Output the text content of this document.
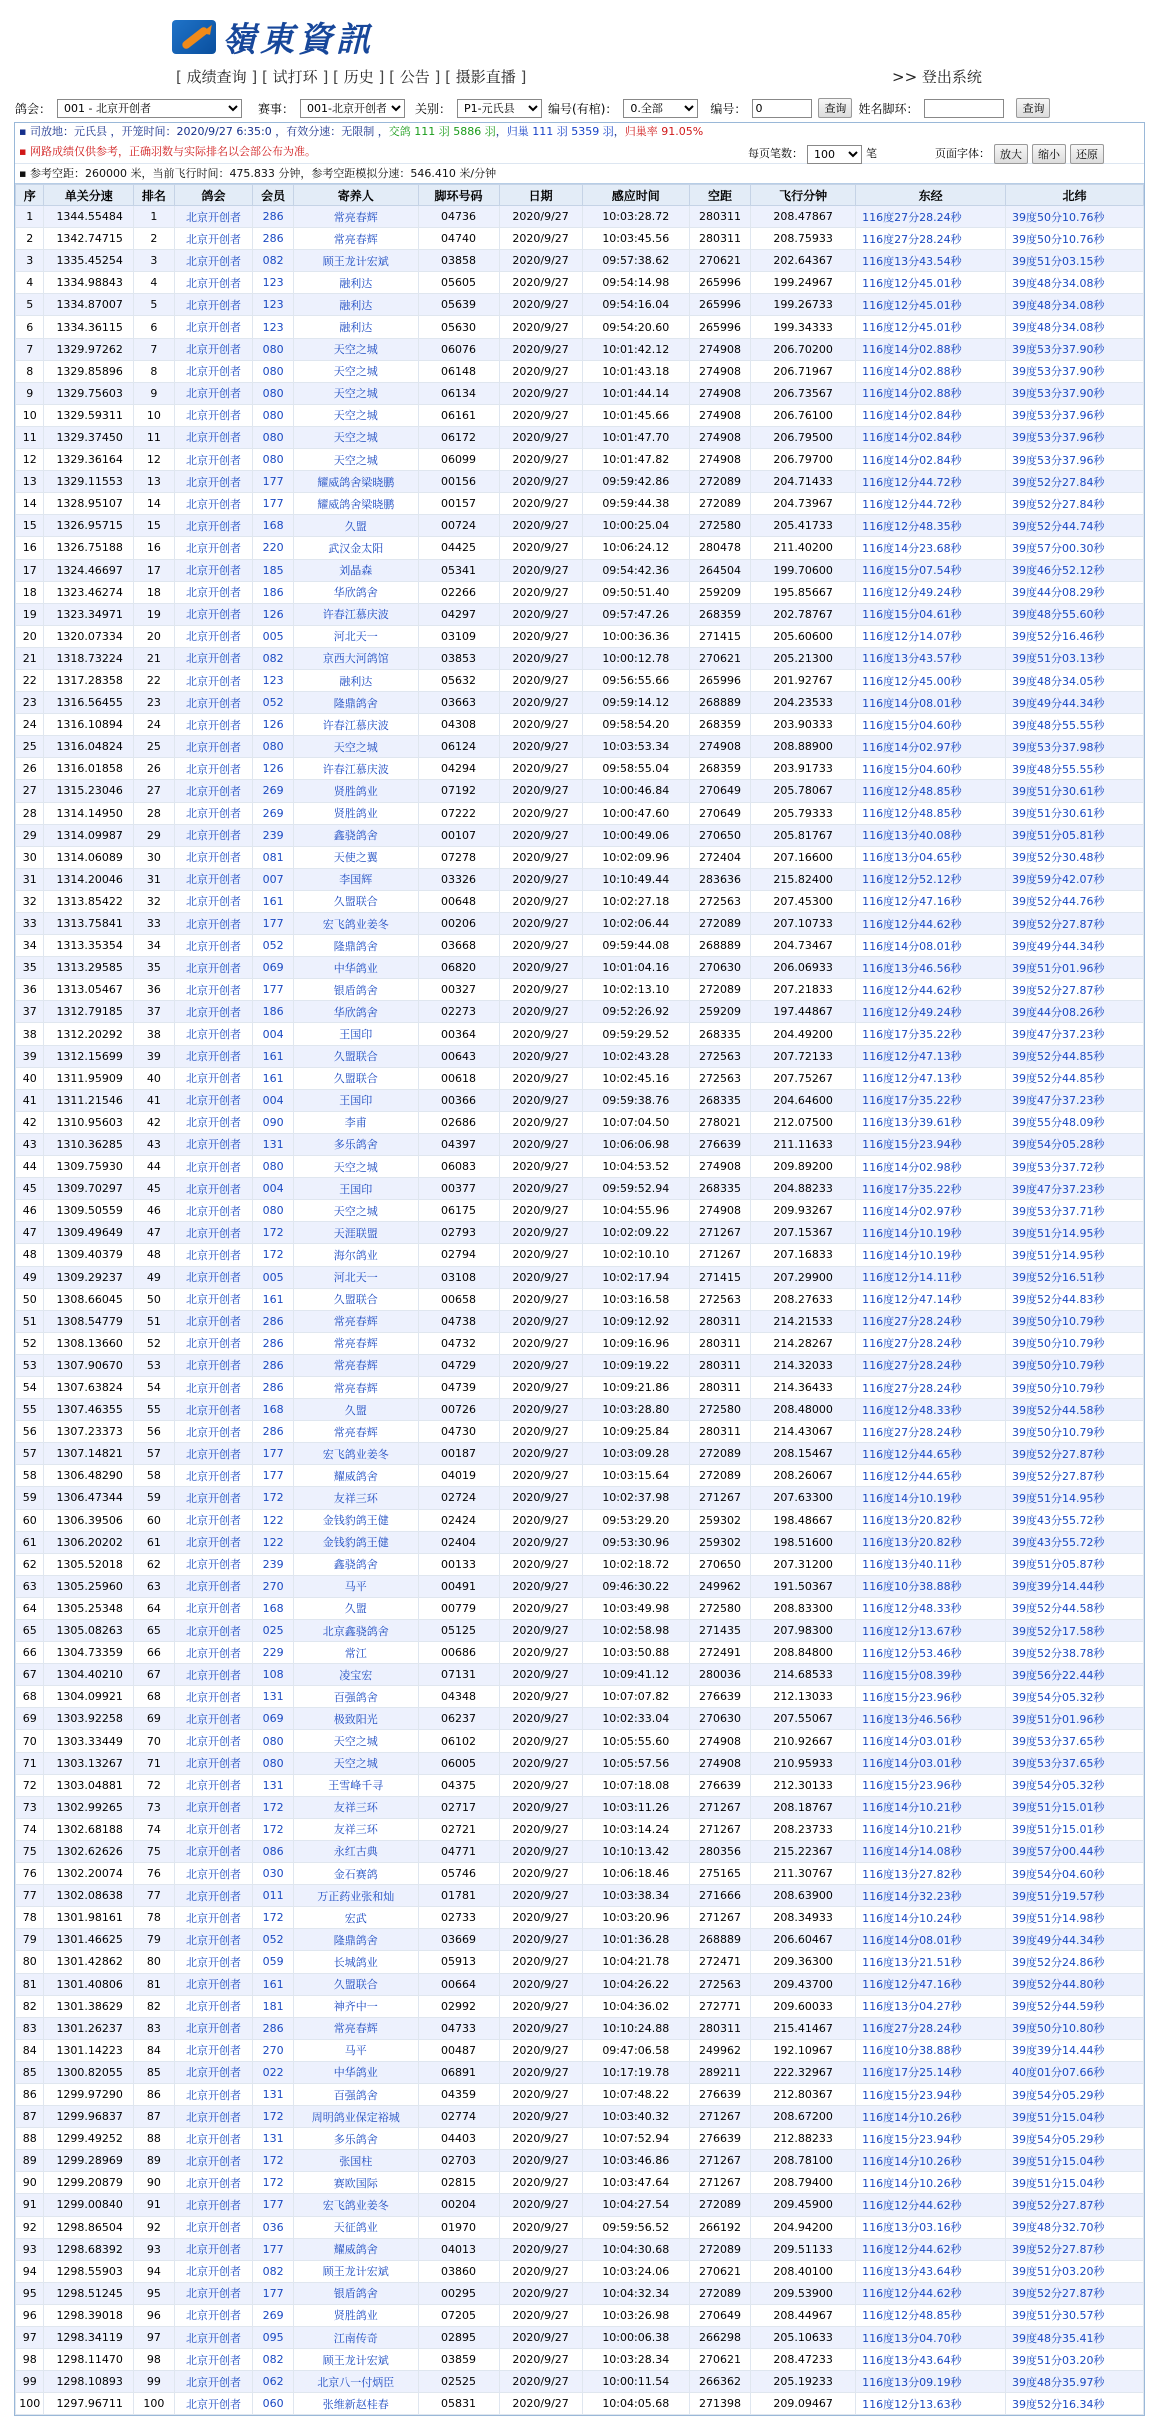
嶺東資訊
[ 成绩查询 ] [ 试打环 ] [ 历史 ] [ 公告 ] [ 摄影直播 ]	>> 登出系统
鸽会：
001 - 北京开创者	赛事：
001-北京开创者	关别：
P1-元氏县	编号(有棺)：
0.全部	编号：
0	查询	姓名脚环：	查询
▪ 司放地：元氏县 ，开笼时间：2020/9/27 6:35:0 ，有效分速：无限制 ，交鸽 111 羽 5886 羽，归巢 111 羽 5359 羽，归巢率 91.05%
▪ 网路成绩仅供参考，正确羽数与实际排名以会部公布为准。	每页笔数：
100	笔	页面字体： 放大	缩小	还原
▪ 参考空距：260000 米，当前飞行时间：475.833 分钟，参考空距模拟分速：546.410 米/分钟
序	单关分速	排名	鸽会	会员	寄养人	脚环号码	日期	感应时间	空距	飞行分钟	东经	北纬
1	1344.55484	1	北京开创者	286	常亮春辉	04736	2020/9/27	10:03:28.72	280311	208.47867	116度27分28.24秒	39度50分10.76秒
2	1342.74715	2	北京开创者	286	常亮春辉	04740	2020/9/27	10:03:45.56	280311	208.75933	116度27分28.24秒	39度50分10.76秒
3	1335.45254	3	北京开创者	082	顾王龙计宏斌	03858	2020/9/27	09:57:38.62	270621	202.64367	116度13分43.54秒	39度51分03.15秒
4	1334.98843	4	北京开创者	123	融利达	05605	2020/9/27	09:54:14.98	265996	199.24967	116度12分45.01秒	39度48分34.08秒
5	1334.87007	5	北京开创者	123	融利达	05639	2020/9/27	09:54:16.04	265996	199.26733	116度12分45.01秒	39度48分34.08秒
6	1334.36115	6	北京开创者	123	融利达	05630	2020/9/27	09:54:20.60	265996	199.34333	116度12分45.01秒	39度48分34.08秒
7	1329.97262	7	北京开创者	080	天空之城	06076	2020/9/27	10:01:42.12	274908	206.70200	116度14分02.88秒	39度53分37.90秒
8	1329.85896	8	北京开创者	080	天空之城	06148	2020/9/27	10:01:43.18	274908	206.71967	116度14分02.88秒	39度53分37.90秒
9	1329.75603	9	北京开创者	080	天空之城	06134	2020/9/27	10:01:44.14	274908	206.73567	116度14分02.88秒	39度53分37.90秒
10	1329.59311	10	北京开创者	080	天空之城	06161	2020/9/27	10:01:45.66	274908	206.76100	116度14分02.84秒	39度53分37.96秒
11	1329.37450	11	北京开创者	080	天空之城	06172	2020/9/27	10:01:47.70	274908	206.79500	116度14分02.84秒	39度53分37.96秒
12	1329.36164	12	北京开创者	080	天空之城	06099	2020/9/27	10:01:47.82	274908	206.79700	116度14分02.84秒	39度53分37.96秒
13	1329.11553	13	北京开创者	177	耀威鸽舍梁晓鹏	00156	2020/9/27	09:59:42.86	272089	204.71433	116度12分44.72秒	39度52分27.84秒
14	1328.95107	14	北京开创者	177	耀威鸽舍梁晓鹏	00157	2020/9/27	09:59:44.38	272089	204.73967	116度12分44.72秒	39度52分27.84秒
15	1326.95715	15	北京开创者	168	久盟	00724	2020/9/27	10:00:25.04	272580	205.41733	116度12分48.35秒	39度52分44.74秒
16	1326.75188	16	北京开创者	220	武汉金太阳	04425	2020/9/27	10:06:24.12	280478	211.40200	116度14分23.68秒	39度57分00.30秒
17	1324.46697	17	北京开创者	185	刘晶森	05341	2020/9/27	09:54:42.36	264504	199.70600	116度15分07.54秒	39度46分52.12秒
18	1323.46274	18	北京开创者	186	华欣鸽舍	02266	2020/9/27	09:50:51.40	259209	195.85667	116度12分49.24秒	39度44分08.29秒
19	1323.34971	19	北京开创者	126	许春江慕庆波	04297	2020/9/27	09:57:47.26	268359	202.78767	116度15分04.61秒	39度48分55.60秒
20	1320.07334	20	北京开创者	005	河北天一	03109	2020/9/27	10:00:36.36	271415	205.60600	116度12分14.07秒	39度52分16.46秒
21	1318.73224	21	北京开创者	082	京西大河鸽馆	03853	2020/9/27	10:00:12.78	270621	205.21300	116度13分43.57秒	39度51分03.13秒
22	1317.28358	22	北京开创者	123	融利达	05632	2020/9/27	09:56:55.66	265996	201.92767	116度12分45.00秒	39度48分34.05秒
23	1316.56455	23	北京开创者	052	隆鼎鸽舍	03663	2020/9/27	09:59:14.12	268889	204.23533	116度14分08.01秒	39度49分44.34秒
24	1316.10894	24	北京开创者	126	许春江慕庆波	04308	2020/9/27	09:58:54.20	268359	203.90333	116度15分04.60秒	39度48分55.55秒
25	1316.04824	25	北京开创者	080	天空之城	06124	2020/9/27	10:03:53.34	274908	208.88900	116度14分02.97秒	39度53分37.98秒
26	1316.01858	26	北京开创者	126	许春江慕庆波	04294	2020/9/27	09:58:55.04	268359	203.91733	116度15分04.60秒	39度48分55.55秒
27	1315.23046	27	北京开创者	269	贤胜鸽业	07192	2020/9/27	10:00:46.84	270649	205.78067	116度12分48.85秒	39度51分30.61秒
28	1314.14950	28	北京开创者	269	贤胜鸽业	07222	2020/9/27	10:00:47.60	270649	205.79333	116度12分48.85秒	39度51分30.61秒
29	1314.09987	29	北京开创者	239	鑫骁鸽舍	00107	2020/9/27	10:00:49.06	270650	205.81767	116度13分40.08秒	39度51分05.81秒
30	1314.06089	30	北京开创者	081	天使之翼	07278	2020/9/27	10:02:09.96	272404	207.16600	116度13分04.65秒	39度52分30.48秒
31	1314.20046	31	北京开创者	007	李国辉	03326	2020/9/27	10:10:49.44	283636	215.82400	116度12分52.12秒	39度59分42.07秒
32	1313.85422	32	北京开创者	161	久盟联合	00648	2020/9/27	10:02:27.18	272563	207.45300	116度12分47.16秒	39度52分44.76秒
33	1313.75841	33	北京开创者	177	宏飞鸽业姜冬	00206	2020/9/27	10:02:06.44	272089	207.10733	116度12分44.62秒	39度52分27.87秒
34	1313.35354	34	北京开创者	052	隆鼎鸽舍	03668	2020/9/27	09:59:44.08	268889	204.73467	116度14分08.01秒	39度49分44.34秒
35	1313.29585	35	北京开创者	069	中华鸽业	06820	2020/9/27	10:01:04.16	270630	206.06933	116度13分46.56秒	39度51分01.96秒
36	1313.05467	36	北京开创者	177	银盾鸽舍	00327	2020/9/27	10:02:13.10	272089	207.21833	116度12分44.62秒	39度52分27.87秒
37	1312.79185	37	北京开创者	186	华欣鸽舍	02273	2020/9/27	09:52:26.92	259209	197.44867	116度12分49.24秒	39度44分08.26秒
38	1312.20292	38	北京开创者	004	王国印	00364	2020/9/27	09:59:29.52	268335	204.49200	116度17分35.22秒	39度47分37.23秒
39	1312.15699	39	北京开创者	161	久盟联合	00643	2020/9/27	10:02:43.28	272563	207.72133	116度12分47.13秒	39度52分44.85秒
40	1311.95909	40	北京开创者	161	久盟联合	00618	2020/9/27	10:02:45.16	272563	207.75267	116度12分47.13秒	39度52分44.85秒
41	1311.21546	41	北京开创者	004	王国印	00366	2020/9/27	09:59:38.76	268335	204.64600	116度17分35.22秒	39度47分37.23秒
42	1310.95603	42	北京开创者	090	李甫	02686	2020/9/27	10:07:04.50	278021	212.07500	116度13分39.61秒	39度55分48.09秒
43	1310.36285	43	北京开创者	131	多乐鸽舍	04397	2020/9/27	10:06:06.98	276639	211.11633	116度15分23.94秒	39度54分05.28秒
44	1309.75930	44	北京开创者	080	天空之城	06083	2020/9/27	10:04:53.52	274908	209.89200	116度14分02.98秒	39度53分37.72秒
45	1309.70297	45	北京开创者	004	王国印	00377	2020/9/27	09:59:52.94	268335	204.88233	116度17分35.22秒	39度47分37.23秒
46	1309.50559	46	北京开创者	080	天空之城	06175	2020/9/27	10:04:55.96	274908	209.93267	116度14分02.97秒	39度53分37.71秒
47	1309.49649	47	北京开创者	172	天涯联盟	02793	2020/9/27	10:02:09.22	271267	207.15367	116度14分10.19秒	39度51分14.95秒
48	1309.40379	48	北京开创者	172	海尔鸽业	02794	2020/9/27	10:02:10.10	271267	207.16833	116度14分10.19秒	39度51分14.95秒
49	1309.29237	49	北京开创者	005	河北天一	03108	2020/9/27	10:02:17.94	271415	207.29900	116度12分14.11秒	39度52分16.51秒
50	1308.66045	50	北京开创者	161	久盟联合	00658	2020/9/27	10:03:16.58	272563	208.27633	116度12分47.14秒	39度52分44.83秒
51	1308.54779	51	北京开创者	286	常亮春辉	04738	2020/9/27	10:09:12.92	280311	214.21533	116度27分28.24秒	39度50分10.79秒
52	1308.13660	52	北京开创者	286	常亮春辉	04732	2020/9/27	10:09:16.96	280311	214.28267	116度27分28.24秒	39度50分10.79秒
53	1307.90670	53	北京开创者	286	常亮春辉	04729	2020/9/27	10:09:19.22	280311	214.32033	116度27分28.24秒	39度50分10.79秒
54	1307.63824	54	北京开创者	286	常亮春辉	04739	2020/9/27	10:09:21.86	280311	214.36433	116度27分28.24秒	39度50分10.79秒
55	1307.46355	55	北京开创者	168	久盟	00726	2020/9/27	10:03:28.80	272580	208.48000	116度12分48.33秒	39度52分44.58秒
56	1307.23373	56	北京开创者	286	常亮春辉	04730	2020/9/27	10:09:25.84	280311	214.43067	116度27分28.24秒	39度50分10.79秒
57	1307.14821	57	北京开创者	177	宏飞鸽业姜冬	00187	2020/9/27	10:03:09.28	272089	208.15467	116度12分44.65秒	39度52分27.87秒
58	1306.48290	58	北京开创者	177	耀威鸽舍	04019	2020/9/27	10:03:15.64	272089	208.26067	116度12分44.65秒	39度52分27.87秒
59	1306.47344	59	北京开创者	172	友祥三环	02724	2020/9/27	10:02:37.98	271267	207.63300	116度14分10.19秒	39度51分14.95秒
60	1306.39506	60	北京开创者	122	金钱豹鸽王健	02424	2020/9/27	09:53:29.20	259302	198.48667	116度13分20.82秒	39度43分55.72秒
61	1306.20202	61	北京开创者	122	金钱豹鸽王健	02404	2020/9/27	09:53:30.96	259302	198.51600	116度13分20.82秒	39度43分55.72秒
62	1305.52018	62	北京开创者	239	鑫骁鸽舍	00133	2020/9/27	10:02:18.72	270650	207.31200	116度13分40.11秒	39度51分05.87秒
63	1305.25960	63	北京开创者	270	马平	00491	2020/9/27	09:46:30.22	249962	191.50367	116度10分38.88秒	39度39分14.44秒
64	1305.25348	64	北京开创者	168	久盟	00779	2020/9/27	10:03:49.98	272580	208.83300	116度12分48.33秒	39度52分44.58秒
65	1305.08263	65	北京开创者	025	北京鑫骁鸽舍	05125	2020/9/27	10:02:58.98	271435	207.98300	116度12分13.67秒	39度52分17.58秒
66	1304.73359	66	北京开创者	229	常江	00686	2020/9/27	10:03:50.88	272491	208.84800	116度12分53.46秒	39度52分38.78秒
67	1304.40210	67	北京开创者	108	凌宝宏	07131	2020/9/27	10:09:41.12	280036	214.68533	116度15分08.39秒	39度56分22.44秒
68	1304.09921	68	北京开创者	131	百强鸽舍	04348	2020/9/27	10:07:07.82	276639	212.13033	116度15分23.96秒	39度54分05.32秒
69	1303.92258	69	北京开创者	069	极致阳光	06237	2020/9/27	10:02:33.04	270630	207.55067	116度13分46.56秒	39度51分01.96秒
70	1303.33449	70	北京开创者	080	天空之城	06102	2020/9/27	10:05:55.60	274908	210.92667	116度14分03.01秒	39度53分37.65秒
71	1303.13267	71	北京开创者	080	天空之城	06005	2020/9/27	10:05:57.56	274908	210.95933	116度14分03.01秒	39度53分37.65秒
72	1303.04881	72	北京开创者	131	王雪峰千寻	04375	2020/9/27	10:07:18.08	276639	212.30133	116度15分23.96秒	39度54分05.32秒
73	1302.99265	73	北京开创者	172	友祥三环	02717	2020/9/27	10:03:11.26	271267	208.18767	116度14分10.21秒	39度51分15.01秒
74	1302.68188	74	北京开创者	172	友祥三环	02721	2020/9/27	10:03:14.24	271267	208.23733	116度14分10.21秒	39度51分15.01秒
75	1302.62626	75	北京开创者	086	永红古典	04771	2020/9/27	10:10:13.42	280356	215.22367	116度14分14.08秒	39度57分00.44秒
76	1302.20074	76	北京开创者	030	金石赛鸽	05746	2020/9/27	10:06:18.46	275165	211.30767	116度13分27.82秒	39度54分04.60秒
77	1302.08638	77	北京开创者	011	万正药业张和灿	01781	2020/9/27	10:03:38.34	271666	208.63900	116度14分32.23秒	39度51分19.57秒
78	1301.98161	78	北京开创者	172	宏武	02733	2020/9/27	10:03:20.96	271267	208.34933	116度14分10.24秒	39度51分14.98秒
79	1301.46625	79	北京开创者	052	隆鼎鸽舍	03669	2020/9/27	10:01:36.28	268889	206.60467	116度14分08.01秒	39度49分44.34秒
80	1301.42862	80	北京开创者	059	长城鸽业	05913	2020/9/27	10:04:21.78	272471	209.36300	116度13分21.51秒	39度52分24.86秒
81	1301.40806	81	北京开创者	161	久盟联合	00664	2020/9/27	10:04:26.22	272563	209.43700	116度12分47.16秒	39度52分44.80秒
82	1301.38629	82	北京开创者	181	神齐中一	02992	2020/9/27	10:04:36.02	272771	209.60033	116度13分04.27秒	39度52分44.59秒
83	1301.26237	83	北京开创者	286	常亮春辉	04733	2020/9/27	10:10:24.88	280311	215.41467	116度27分28.24秒	39度50分10.80秒
84	1301.14223	84	北京开创者	270	马平	00487	2020/9/27	09:47:06.58	249962	192.10967	116度10分38.88秒	39度39分14.44秒
85	1300.82055	85	北京开创者	022	中华鸽业	06891	2020/9/27	10:17:19.78	289211	222.32967	116度17分25.14秒	40度01分07.66秒
86	1299.97290	86	北京开创者	131	百强鸽舍	04359	2020/9/27	10:07:48.22	276639	212.80367	116度15分23.94秒	39度54分05.29秒
87	1299.96837	87	北京开创者	172	周明鸽业保定裕城	02774	2020/9/27	10:03:40.32	271267	208.67200	116度14分10.26秒	39度51分15.04秒
88	1299.49252	88	北京开创者	131	多乐鸽舍	04403	2020/9/27	10:07:52.94	276639	212.88233	116度15分23.94秒	39度54分05.29秒
89	1299.28969	89	北京开创者	172	张国柱	02703	2020/9/27	10:03:46.86	271267	208.78100	116度14分10.26秒	39度51分15.04秒
90	1299.20879	90	北京开创者	172	赛欧国际	02815	2020/9/27	10:03:47.64	271267	208.79400	116度14分10.26秒	39度51分15.04秒
91	1299.00840	91	北京开创者	177	宏飞鸽业姜冬	00204	2020/9/27	10:04:27.54	272089	209.45900	116度12分44.62秒	39度52分27.87秒
92	1298.86504	92	北京开创者	036	天征鸽业	01970	2020/9/27	09:59:56.52	266192	204.94200	116度13分03.16秒	39度48分32.70秒
93	1298.68392	93	北京开创者	177	耀威鸽舍	04013	2020/9/27	10:04:30.68	272089	209.51133	116度12分44.62秒	39度52分27.87秒
94	1298.55903	94	北京开创者	082	顾王龙计宏斌	03860	2020/9/27	10:03:24.06	270621	208.40100	116度13分43.64秒	39度51分03.20秒
95	1298.51245	95	北京开创者	177	银盾鸽舍	00295	2020/9/27	10:04:32.34	272089	209.53900	116度12分44.62秒	39度52分27.87秒
96	1298.39018	96	北京开创者	269	贤胜鸽业	07205	2020/9/27	10:03:26.98	270649	208.44967	116度12分48.85秒	39度51分30.57秒
97	1298.34119	97	北京开创者	095	江南传奇	02895	2020/9/27	10:00:06.38	266298	205.10633	116度13分04.70秒	39度48分35.41秒
98	1298.11470	98	北京开创者	082	顾王龙计宏斌	03859	2020/9/27	10:03:28.34	270621	208.47233	116度13分43.64秒	39度51分03.20秒
99	1298.10893	99	北京开创者	062	北京八一付炳臣	02525	2020/9/27	10:00:11.54	266362	205.19233	116度13分09.19秒	39度48分35.97秒
100	1297.96711	100	北京开创者	060	张维新赵桂春	05831	2020/9/27	10:04:05.68	271398	209.09467	116度12分13.63秒	39度52分16.34秒
